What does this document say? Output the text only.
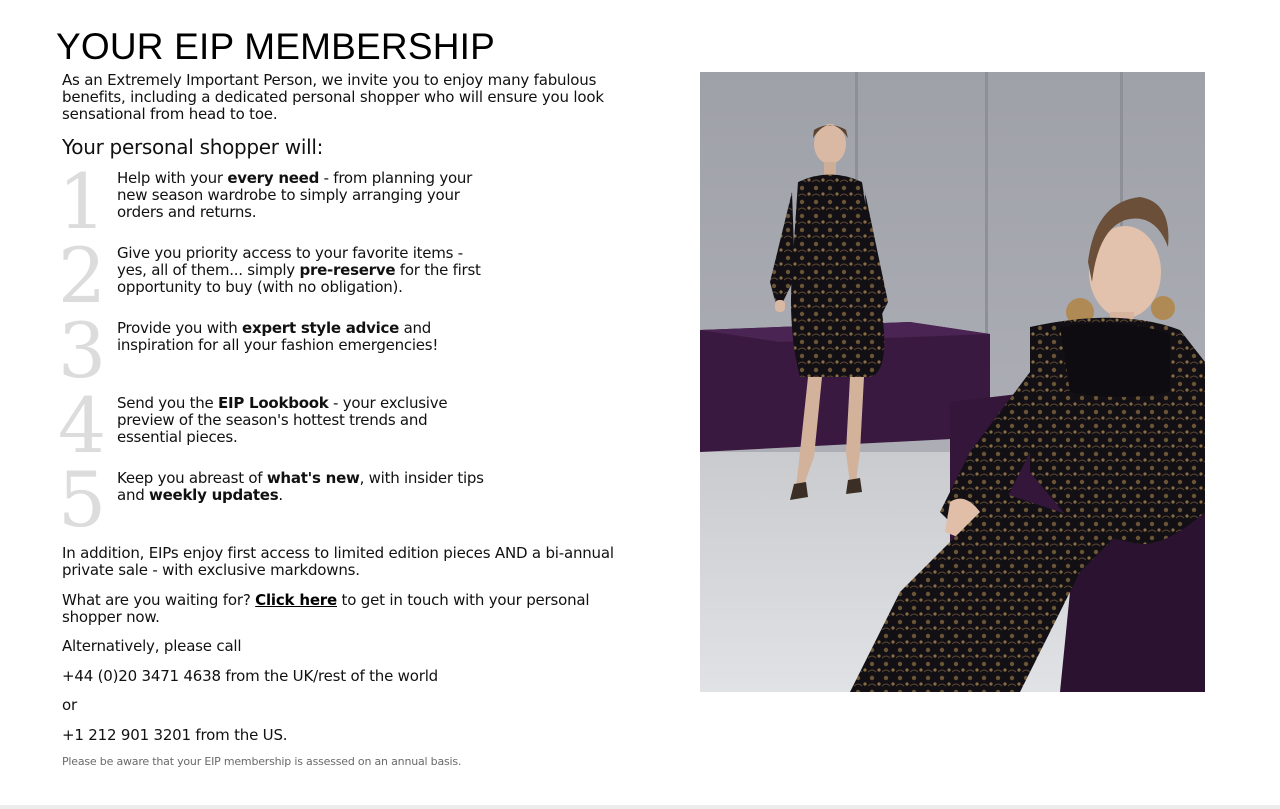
YOUR EIP MEMBERSHIP

As an Extremely Important Person, we invite you to enjoy many fabulous benefits, including a dedicated personal shopper who will ensure you look sensational from head to toe.

Your personal shopper will:
1 Help with your every need - from planning your new season wardrobe to simply arranging your orders and returns.

2 Give you priority access to your favorite items - yes, all of them... simply pre-reserve for the first opportunity to buy (with no obligation).

3 Provide you with expert style advice and inspiration for all your fashion emergencies!

4 Send you the EIP Lookbook - your exclusive preview of the season's hottest trends and essential pieces.

5 Keep you abreast of what's new, with insider tips and weekly updates.

In addition, EIPs enjoy first access to limited edition pieces AND a bi-annual private sale - with exclusive markdowns.

What are you waiting for? Click here to get in touch with your personal shopper now.

Alternatively, please call

+44 (0)20 3471 4638 from the UK/rest of the world

or

+1 212 901 3201 from the US.

Please be aware that your EIP membership is assessed on an annual basis.
